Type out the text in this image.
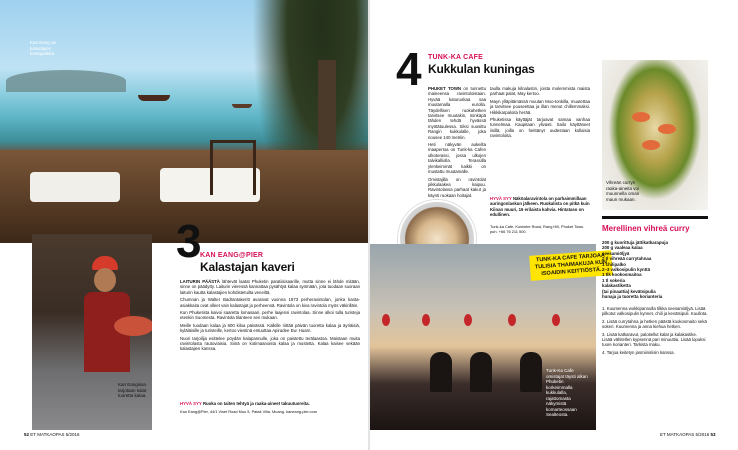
Kan Eang on kalastajien kantapaikka.
Kan Eangissa tarjotaan kalat tuoretta kalaa.
3 KAN EANG@PIER
Kalastajan kaveri

LAITURIN PÄÄSTÄ lähtevät laatat Phuketin paratiisisaarille, mutta sinne ei lähde mitään, sinne on päädytty. Laiturin vieressä kannattaa pysähtyä kalaa syömään, jota tuodaan suoraan laiturin kautta kalastajien kohdistetuilta veneiltä.

Chumnan ja Walter Badrantakeritt avasivat vuonna 1973 perheravintolan, jonka kanta-asiakkaita ovat olleet vain kalastajat ja perheensä. Ravintola on kiva ravintola myös väkirilläin.

Kun Phuketista kaivoi saaretta lomasaari, perhe laajensi ravintolaa. Sinne alkoi tulla turisteja etenkin Suomesta. Ravintola tilanteen sen mukaan.

Meille tuodaan kalaa ja 600 kiloa päivässä. Kalkille riittää päivän tuoretta kalaa ja äyriäisiä, kyläläisille ja turisteille, kertoo viestinä entuuttaa Apiradee Ew. Huarn.

Nuori tarjoilija esittelee pöydän kalapannulle, joka on paistettu terälaastoa. Maistaan muita ravintolasta rautoviaisia. Siinä on kotimaanoista kalaa ja mustetta. Kalaa kaisee sekään kalastajien kanssa.

HYVÄ SYY Ruoka on taiten tehtyä ja raaka-aineet takuutuoreita.
Kan Eang@Pier, 44/1 Viset Road Moo 5, Patak Villa, Muang. kaneang-pier.com
4 TUNK-KA CAFE
Kukkulan kuningas

PHUKET TOWN on tunnettu maineensa ravintoloistaan. Hyvää katuruokaa saa muutamalla eurolla. Täydellisen ruokahetken tarvitsee muutakin, minkäpä tähden tehdä hyvässä myötätuulessa. Siksi suosittu Rangin kukkulalle, joka nousee 140 metriin.

Heti näkyvän aukeilta maapertoa on Tunk-ka Cafen ulkoterassi, jossa ulkojen talvikalliolla. Terassilla ylenkeimmät kaikki on mustattu muutamalle.

Omistajilla on ravintolat pikkulaakea kaipuu. Ravintolassa parhaat kakut ja käynti ruokaan hoitajat.

taulla makuja kilnalastin, joista molemmista maista parhaat palat, May kertoo.

Mayn ylläpitämässä muutan Moo-tonkilla, muutettaa ja tarvitsee pouseettaa ja illan menut chillemmaksi. Hikkikarpaloita herää.

Phuketissa käyttäjät tarjoavat samaa vanhaa tunnelmaa. Kaupitaan ylivasti. Sailo käyttäneet iisillä, joilla on heittänyt uudestaan kollaisia ravintoloita.

HYVÄ SYY Näköalaravintola on parhaimmillaan auringonlaskun jälkeen. Ruokalista on pitkä kuin Kiinan muuri, 16 erilaista kahvia. Hintataso on edullinen.
Tunk-ka Cafe, Kosimbe Road, Rang Hill, Phuket Town. puh. +66 76 211 500.
TUNK-KA CAFE TARJOAA TULISIA THAIMAKUJA KUN ISOAIDIN KEITTIÖSTÄ.
Tunk-Ka Cafe omistajat täysti alkan Phuketin korkeimmalla kukkulalla, rajattomasta näkymistä komarteossaan Sealteosta.
Vihreän curryn raaka-aineita voi muunnella oman maun mukaan.
Merellinen vihreä curry
200 g kuorittuja jättikatkarapuja
200 g vaaleaa kalaa
seesamiöljyä
2 tl vihreää currytahnaa
1 chilipalko
2–3 valkosipulin kynttä
1 tlk kookosmaitoa
1 tl sokeria
kalakastiketta
(tai pinaattia) kevätsipulia
hunaja ja tuoretta korianteria
1. Kuumenna wokkipannulla tilkka seesamiöljyä. Lisää pilkotut valkosipulin kynnet, chili ja kevätsipuli. Kuullota.
2. Lisää currytahna ja hetken päästä kookosmaito sekä sokeri. Kuumenna ja anna kiehua hetken.
3. Lisää katkaravut, paloitellut kalat ja kalakastike. Lisää vähitellen kypsennä pari minuuttia. Lisää lopuksi tuore korianteri. Tarkista maku.
4. Tarjoa keitetyn jasmiiniriisin kanssa.
52 ET MATKAOPAS 5/2016	ET MATKAOPAS 5/2016 53
